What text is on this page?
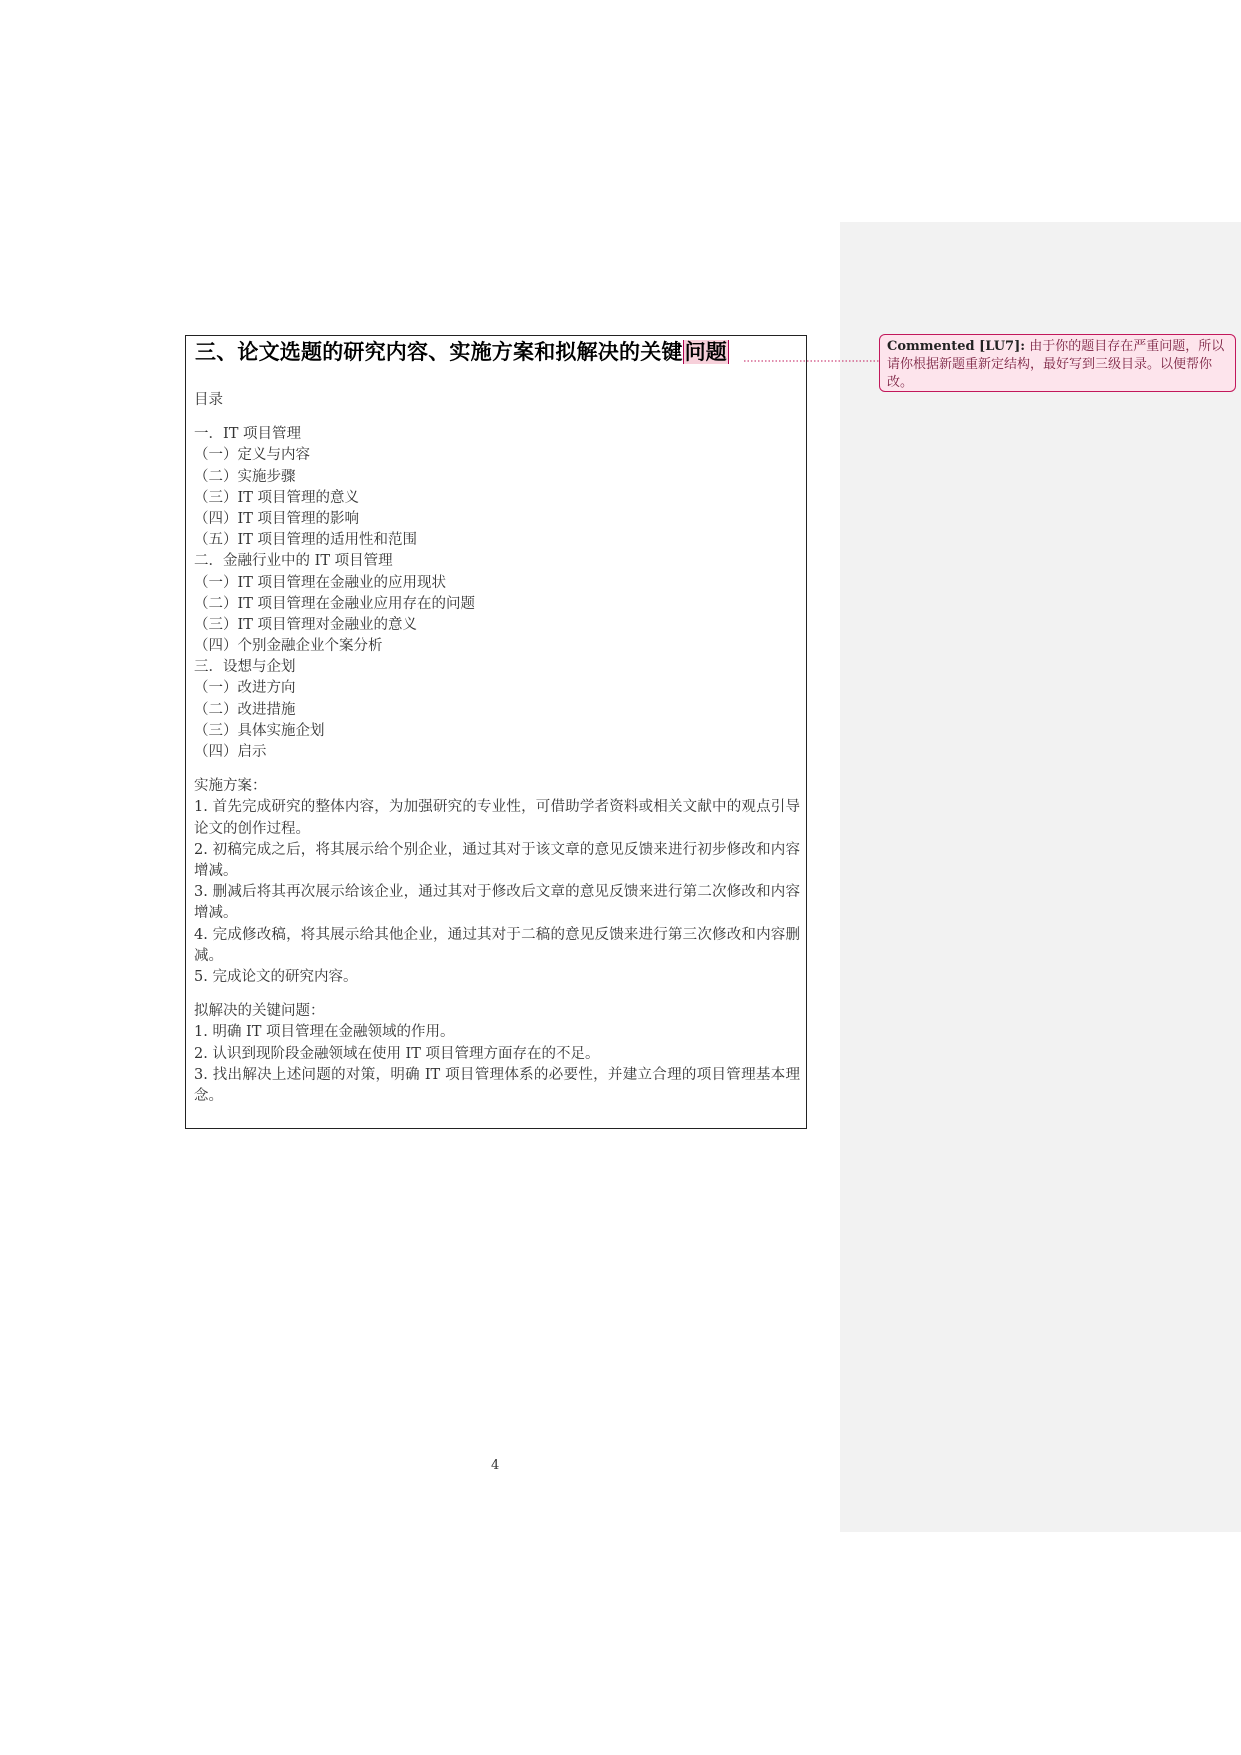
三、论文选题的研究内容、实施方案和拟解决的关键问题
目录
一．IT 项目管理
（一）定义与内容
（二）实施步骤
（三）IT 项目管理的意义
（四）IT 项目管理的影响
（五）IT 项目管理的适用性和范围
二．金融行业中的 IT 项目管理
（一）IT 项目管理在金融业的应用现状
（二）IT 项目管理在金融业应用存在的问题
（三）IT 项目管理对金融业的意义
（四）个别金融企业个案分析
三．设想与企划
（一）改进方向
（二）改进措施
（三）具体实施企划
（四）启示
实施方案：
1. 首先完成研究的整体内容，为加强研究的专业性，可借助学者资料或相关文献中的观点引导论文的创作过程。
2. 初稿完成之后，将其展示给个别企业，通过其对于该文章的意见反馈来进行初步修改和内容增减。
3. 删减后将其再次展示给该企业，通过其对于修改后文章的意见反馈来进行第二次修改和内容增减。
4. 完成修改稿，将其展示给其他企业，通过其对于二稿的意见反馈来进行第三次修改和内容删减。
5. 完成论文的研究内容。
拟解决的关键问题：
1. 明确 IT 项目管理在金融领域的作用。
2. 认识到现阶段金融领域在使用 IT 项目管理方面存在的不足。
3. 找出解决上述问题的对策，明确 IT 项目管理体系的必要性，并建立合理的项目管理基本理念。
4
Commented [LU7]: 由于你的题目存在严重问题，所以请你根据新题重新定结构，最好写到三级目录。以便帮你改。
